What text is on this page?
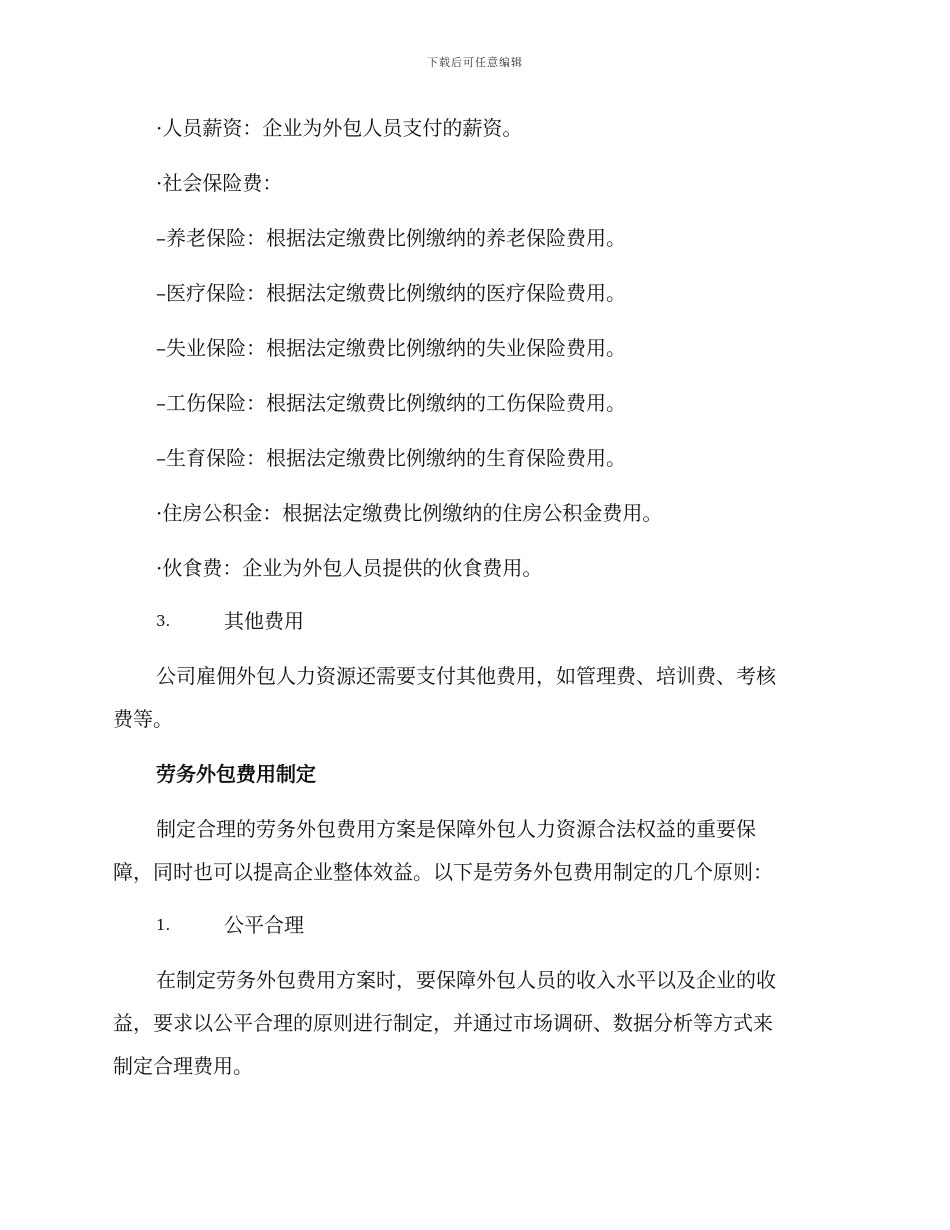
下载后可任意编辑
·人员薪资：企业为外包人员支付的薪资。
·社会保险费：
–养老保险：根据法定缴费比例缴纳的养老保险费用。
–医疗保险：根据法定缴费比例缴纳的医疗保险费用。
–失业保险：根据法定缴费比例缴纳的失业保险费用。
–工伤保险：根据法定缴费比例缴纳的工伤保险费用。
–生育保险：根据法定缴费比例缴纳的生育保险费用。
·住房公积金：根据法定缴费比例缴纳的住房公积金费用。
·伙食费：企业为外包人员提供的伙食费用。
3.	其他费用
公司雇佣外包人力资源还需要支付其他费用，如管理费、培训费、考核
费等。
劳务外包费用制定
制定合理的劳务外包费用方案是保障外包人力资源合法权益的重要保
障，同时也可以提高企业整体效益。以下是劳务外包费用制定的几个原则：
1.	公平合理
在制定劳务外包费用方案时，要保障外包人员的收入水平以及企业的收
益，要求以公平合理的原则进行制定，并通过市场调研、数据分析等方式来
制定合理费用。
